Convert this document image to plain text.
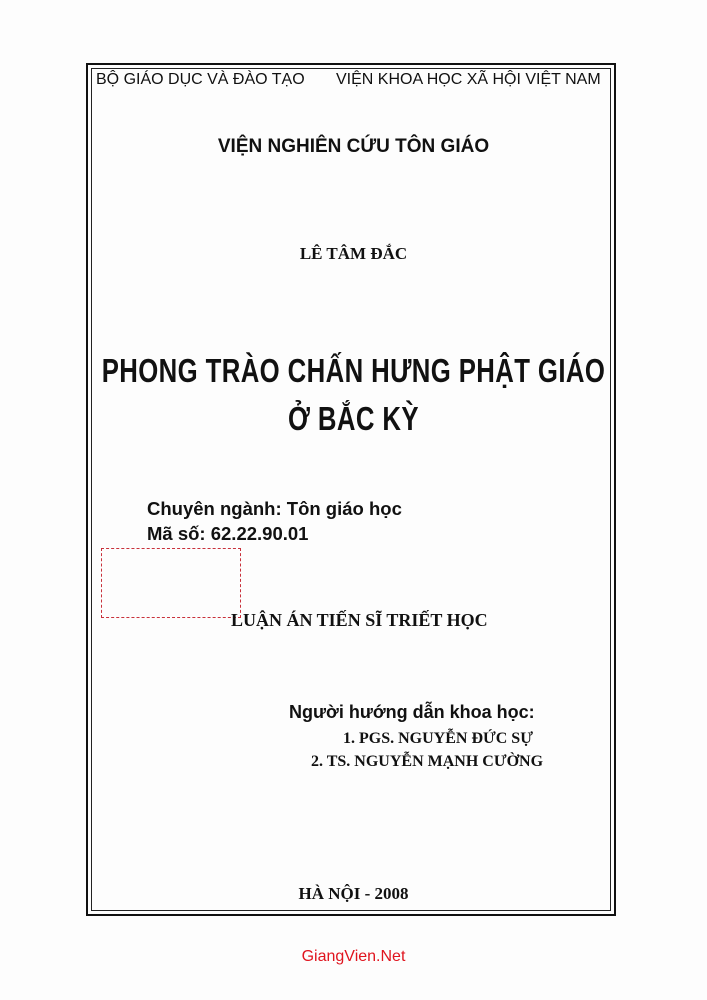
BỘ GIÁO DỤC VÀ ĐÀO TẠO VIỆN KHOA HỌC XÃ HỘI VIỆT NAM
VIỆN NGHIÊN CỨU TÔN GIÁO
LÊ TÂM ĐẮC
PHONG TRÀO CHẤN HƯNG PHẬT GIÁO
Ở BẮC KỲ
Chuyên ngành: Tôn giáo học
Mã số: 62.22.90.01
LUẬN ÁN TIẾN SĨ TRIẾT HỌC
Người hướng dẫn khoa học:
1. PGS. NGUYỄN ĐỨC SỰ
2. TS. NGUYỄN MẠNH CƯỜNG
HÀ NỘI - 2008
GiangVien.Net
